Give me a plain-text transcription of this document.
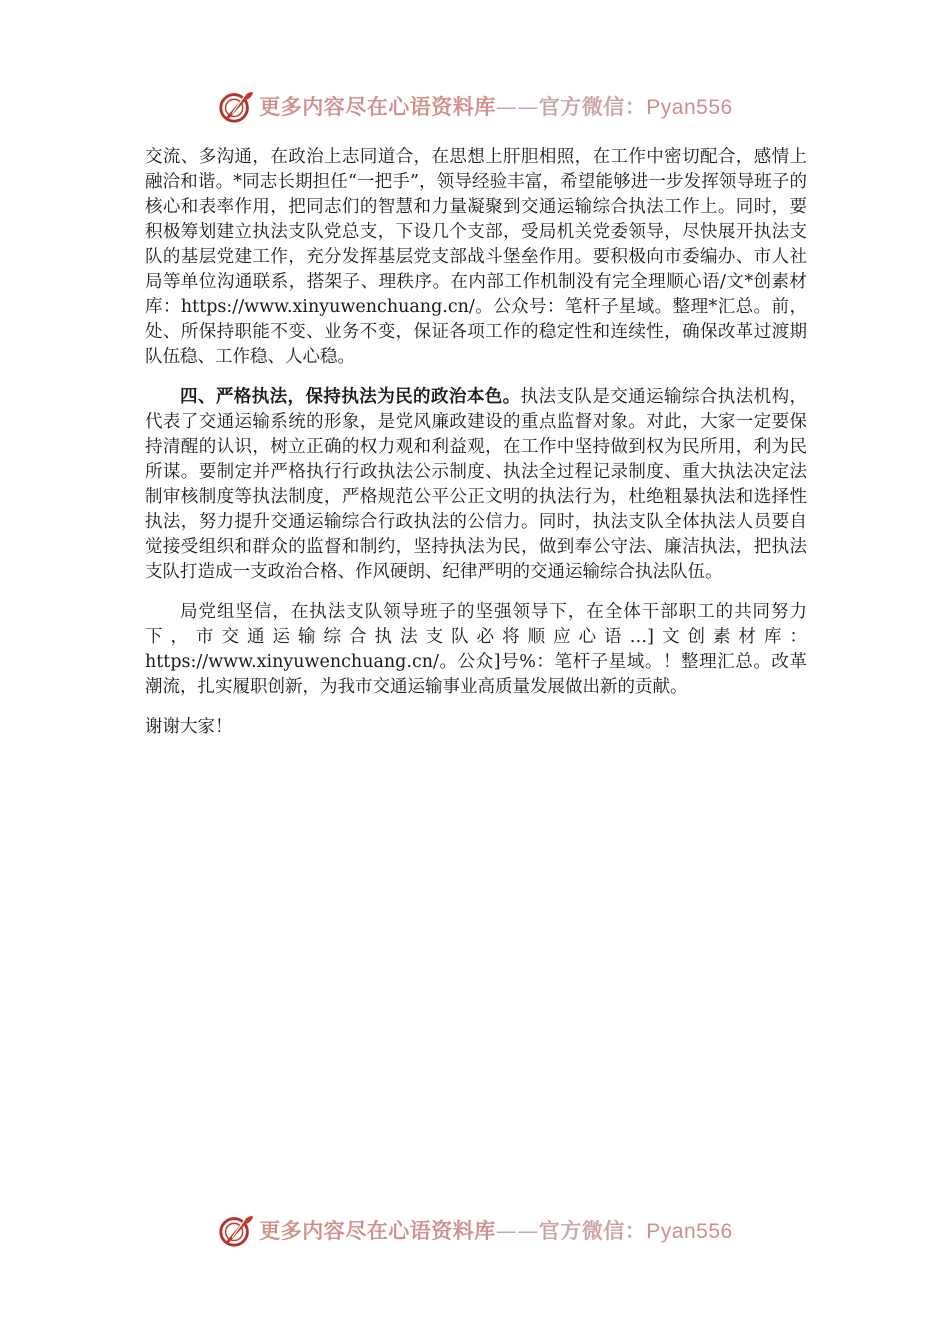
更多内容尽在心语资料库——官方微信：Pyan556

交流、多沟通，在政治上志同道合，在思想上肝胆相照，在工作中密切配合，感情上融洽和谐。*同志长期担任“一把手”，领导经验丰富，希望能够进一步发挥领导班子的核心和表率作用，把同志们的智慧和力量凝聚到交通运输综合执法工作上。同时，要积极筹划建立执法支队党总支，下设几个支部，受局机关党委领导，尽快展开执法支队的基层党建工作，充分发挥基层党支部战斗堡垒作用。要积极向市委编办、市人社局等单位沟通联系，搭架子、理秩序。在内部工作机制没有完全理顺心语/文*创素材库：https://www.xinyuwenchuang.cn/。公众号：笔杆子星域。整理*汇总。前，处、所保持职能不变、业务不变，保证各项工作的稳定性和连续性，确保改革过渡期队伍稳、工作稳、人心稳。

四、严格执法，保持执法为民的政治本色。执法支队是交通运输综合执法机构，代表了交通运输系统的形象，是党风廉政建设的重点监督对象。对此，大家一定要保持清醒的认识，树立正确的权力观和利益观，在工作中坚持做到权为民所用，利为民所谋。要制定并严格执行行政执法公示制度、执法全过程记录制度、重大执法决定法制审核制度等执法制度，严格规范公平公正文明的执法行为，杜绝粗暴执法和选择性执法，努力提升交通运输综合行政执法的公信力。同时，执法支队全体执法人员要自觉接受组织和群众的监督和制约，坚持执法为民，做到奉公守法、廉洁执法，把执法支队打造成一支政治合格、作风硬朗、纪律严明的交通运输综合执法队伍。

局党组坚信，在执法支队领导班子的坚强领导下，在全体干部职工的共同努力下，市交通运输综合执法支队必将顺应心语…]文创素材库：https://www.xinyuwenchuang.cn/。公众]号%：笔杆子星域。！整理汇总。改革潮流，扎实履职创新，为我市交通运输事业高质量发展做出新的贡献。

谢谢大家！

更多内容尽在心语资料库——官方微信：Pyan556
